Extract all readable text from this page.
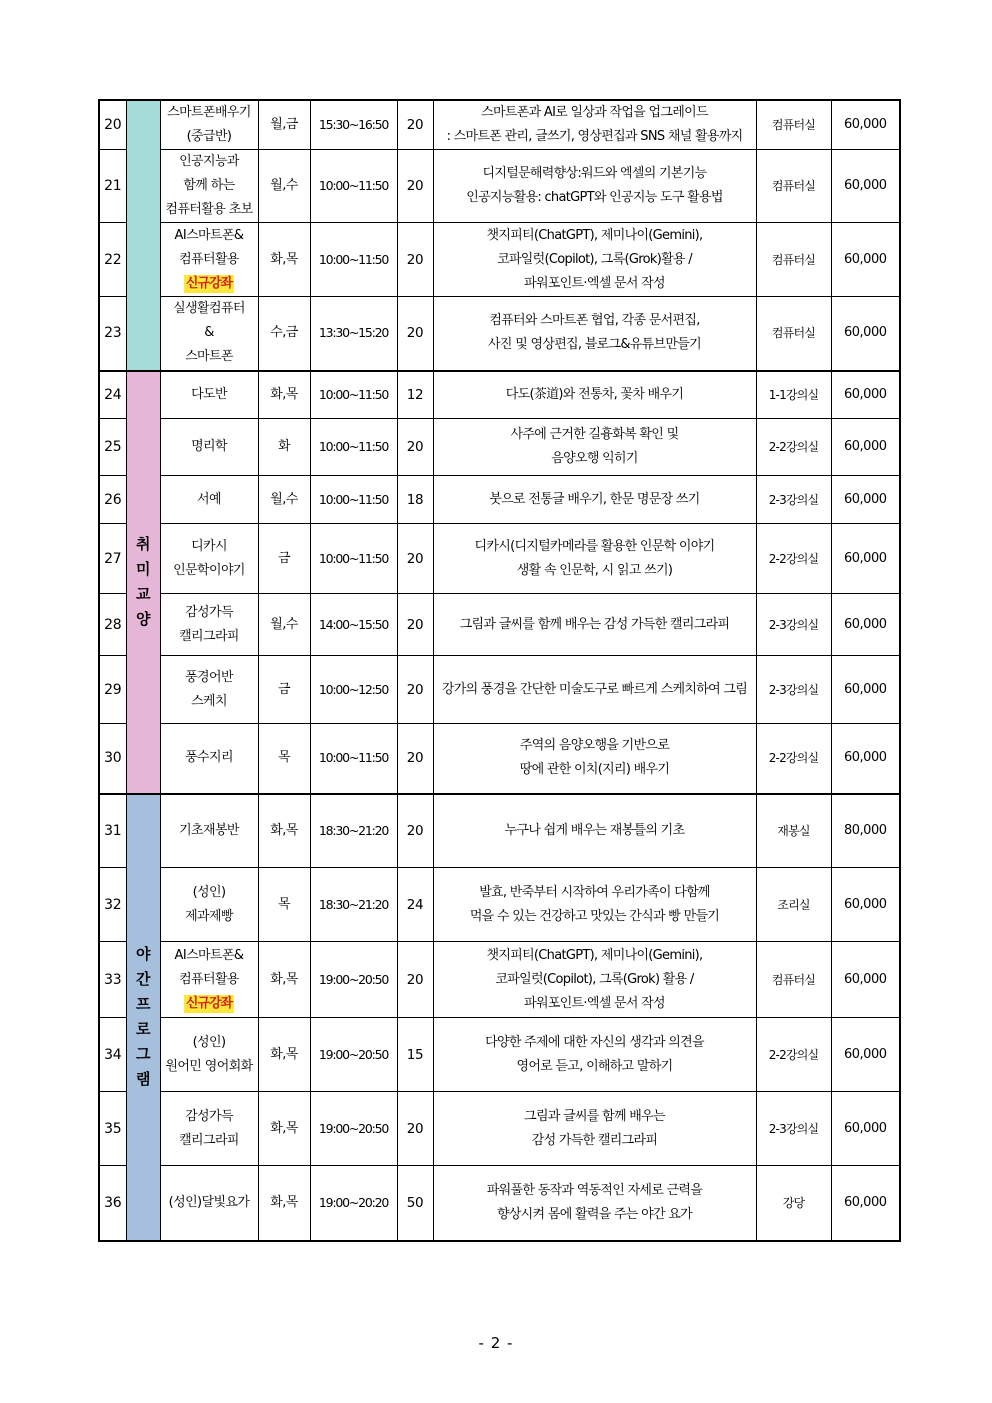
20		스마트폰배우기
(중급반)	월,금	15:30~16:50	20	스마트폰과 AI로 일상과 작업을 업그레이드
: 스마트폰 관리, 글쓰기, 영상편집과 SNS 채널 활용까지	컴퓨터실	60,000
21		인공지능과
함께 하는
컴퓨터활용 초보	월,수	10:00~11:50	20	디지털문해력향상:워드와 엑셀의 기본기능
인공지능활용: chatGPT와 인공지능 도구 활용법	컴퓨터실	60,000
22		AI스마트폰&
컴퓨터활용
신규강좌	화,목	10:00~11:50	20	챗지피티(ChatGPT), 제미나이(Gemini),
코파일럿(Copilot), 그록(Grok)활용 /
파워포인트·엑셀 문서 작성	컴퓨터실	60,000
23		실생활컴퓨터
&
스마트폰	수,금	13:30~15:20	20	컴퓨터와 스마트폰 협업, 각종 문서편집,
사진 및 영상편집, 블로그&유튜브만들기	컴퓨터실	60,000
24	취미교양	다도반	화,목	10:00~11:50	12	다도(茶道)와 전통차, 꽃차 배우기	1-1강의실	60,000
25		명리학	화	10:00~11:50	20	사주에 근거한 길흉화복 확인 및
음양오행 익히기	2-2강의실	60,000
26		서예	월,수	10:00~11:50	18	붓으로 전통글 배우기, 한문 명문장 쓰기	2-3강의실	60,000
27		디카시
인문학이야기	금	10:00~11:50	20	디카시(디지털카메라를 활용한 인문학 이야기
생활 속 인문학, 시 읽고 쓰기)	2-2강의실	60,000
28		감성가득
캘리그라피	월,수	14:00~15:50	20	그림과 글씨를 함께 배우는 감성 가득한 캘리그라피	2-3강의실	60,000
29		풍경어반
스케치	금	10:00~12:50	20	강가의 풍경을 간단한 미술도구로 빠르게 스케치하여 그림	2-3강의실	60,000
30		풍수지리	목	10:00~11:50	20	주역의 음양오행을 기반으로
땅에 관한 이치(지리) 배우기	2-2강의실	60,000
31	야간프로그램	기초재봉반	화,목	18:30~21:20	20	누구나 쉽게 배우는 재봉틀의 기초	재봉실	80,000
32		(성인)
제과제빵	목	18:30~21:20	24	발효, 반죽부터 시작하여 우리가족이 다함께
먹을 수 있는 건강하고 맛있는 간식과 빵 만들기	조리실	60,000
33		AI스마트폰&
컴퓨터활용
신규강좌	화,목	19:00~20:50	20	챗지피티(ChatGPT), 제미나이(Gemini),
코파일럿(Copilot), 그록(Grok) 활용 /
파워포인트·엑셀 문서 작성	컴퓨터실	60,000
34		(성인)
원어민 영어회화	화,목	19:00~20:50	15	다양한 주제에 대한 자신의 생각과 의견을
영어로 듣고, 이해하고 말하기	2-2강의실	60,000
35		감성가득
캘리그라피	화,목	19:00~20:50	20	그림과 글씨를 함께 배우는
감성 가득한 캘리그라피	2-3강의실	60,000
36		(성인)달빛요가	화,목	19:00~20:20	50	파워풀한 동작과 역동적인 자세로 근력을
향상시켜 몸에 활력을 주는 야간 요가	강당	60,000
- 2 -
